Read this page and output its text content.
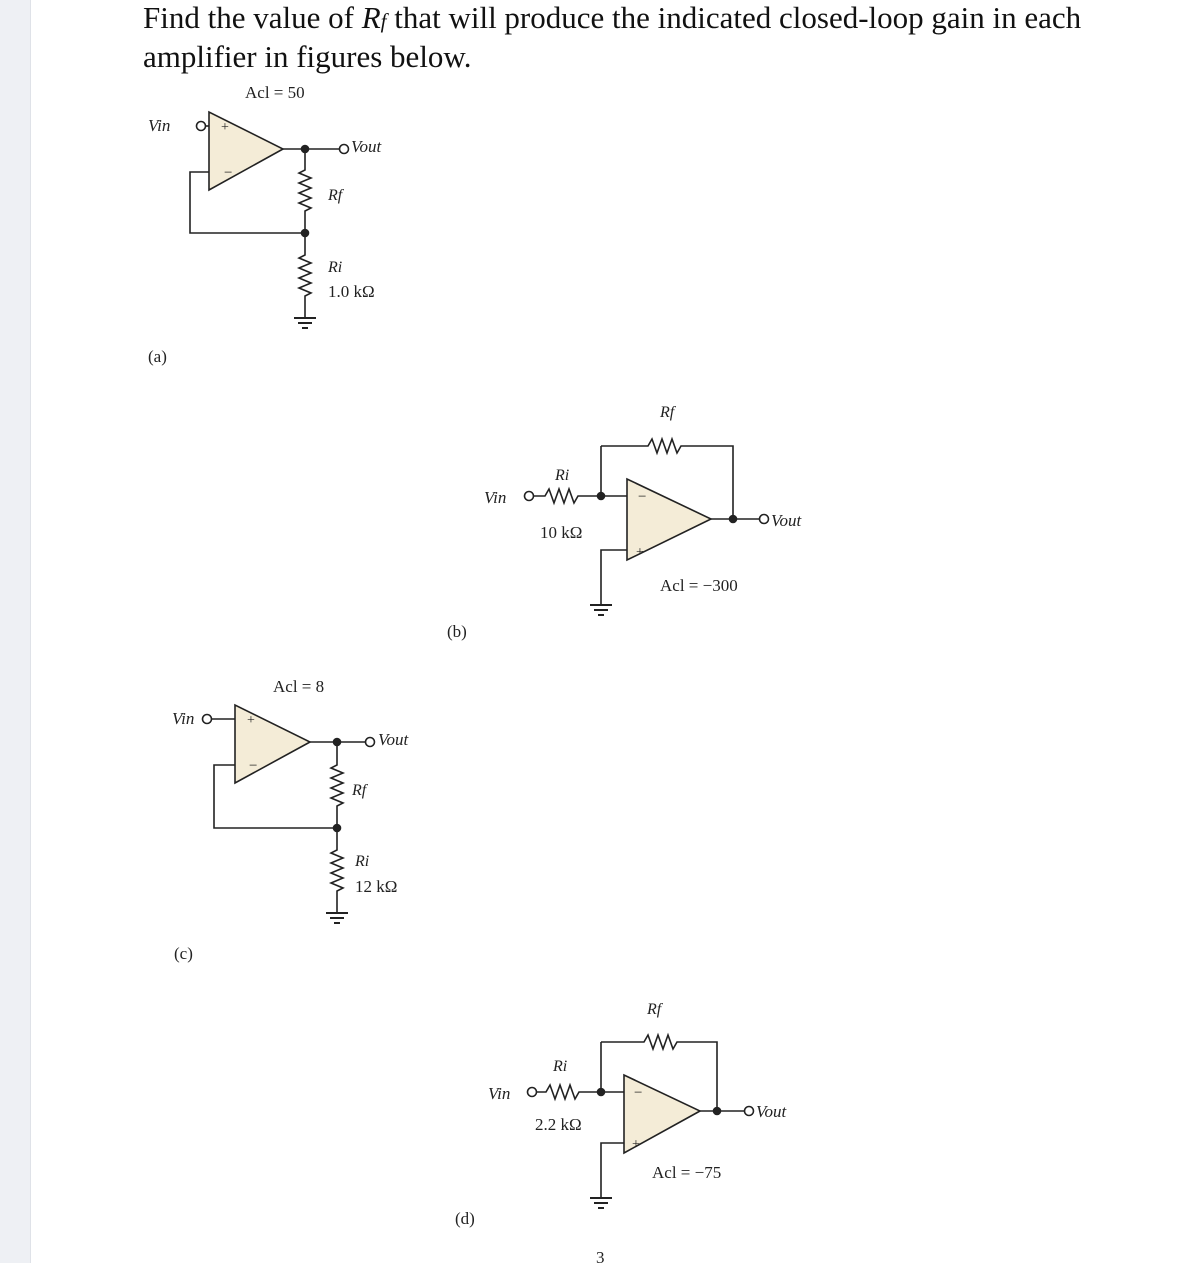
Find the value of Rf that will produce the indicated closed-loop gain in each
amplifier in figures below.
Acl = 50
Vin	+
−
Vout
Rf
Ri
1.0 kΩ
(a)
Rf
Ri
Vin
10 kΩ
−
+
Vout
Acl = −300
(b)
Acl = 8
Vin	+
−
Vout
Rf
Ri
12 kΩ
(c)
Rf
Ri
Vin
2.2 kΩ
−
+
Vout
Acl = −75
(d)
3
